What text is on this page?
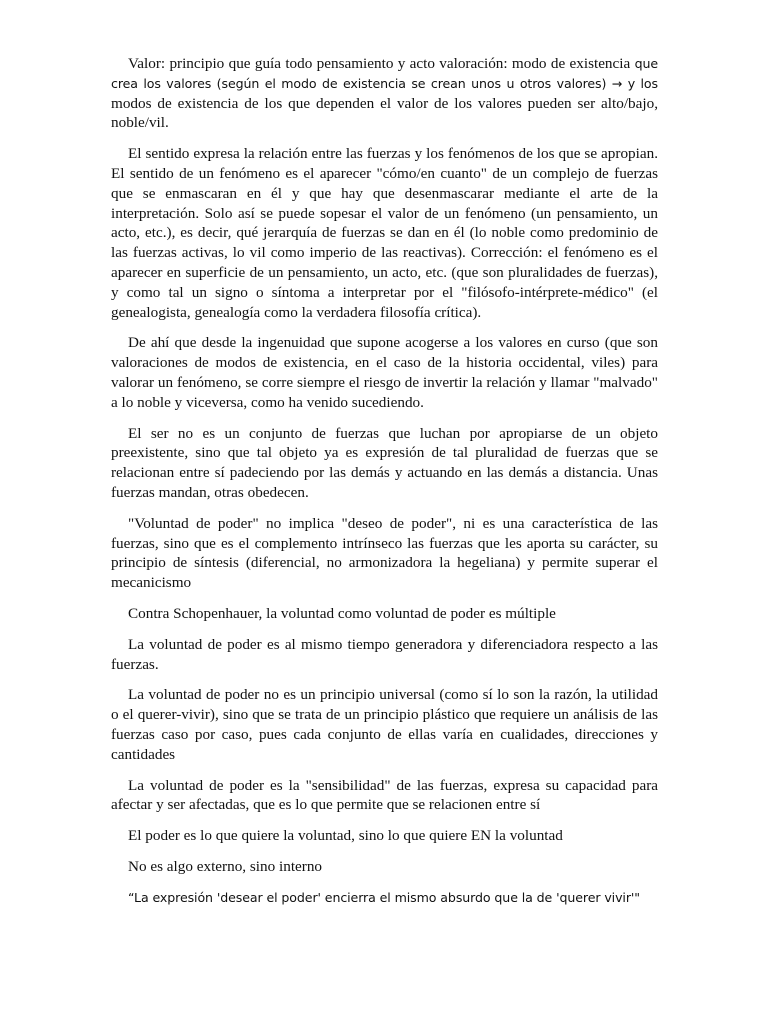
Valor: principio que guía todo pensamiento y acto valoración: modo de existencia que crea los valores (según el modo de existencia se crean unos u otros valores) → y los modos de existencia de los que dependen el valor de los valores pueden ser alto/bajo, noble/vil.

El sentido expresa la relación entre las fuerzas y los fenómenos de los que se apropian. El sentido de un fenómeno es el aparecer "cómo/en cuanto" de un complejo de fuerzas que se enmascaran en él y que hay que desenmascarar mediante el arte de la interpretación. Solo así se puede sopesar el valor de un fenómeno (un pensamiento, un acto, etc.), es decir, qué jerarquía de fuerzas se dan en él (lo noble como predominio de las fuerzas activas, lo vil como imperio de las reactivas). Corrección: el fenómeno es el aparecer en superficie de un pensamiento, un acto, etc. (que son pluralidades de fuerzas), y como tal un signo o síntoma a interpretar por el "filósofo-intérprete-médico" (el genealogista, genealogía como la verdadera filosofía crítica).

De ahí que desde la ingenuidad que supone acogerse a los valores en curso (que son valoraciones de modos de existencia, en el caso de la historia occidental, viles) para valorar un fenómeno, se corre siempre el riesgo de invertir la relación y llamar "malvado" a lo noble y viceversa, como ha venido sucediendo.

El ser no es un conjunto de fuerzas que luchan por apropiarse de un objeto preexistente, sino que tal objeto ya es expresión de tal pluralidad de fuerzas que se relacionan entre sí padeciendo por las demás y actuando en las demás a distancia. Unas fuerzas mandan, otras obedecen.

"Voluntad de poder" no implica "deseo de poder", ni es una característica de las fuerzas, sino que es el complemento intrínseco las fuerzas que les aporta su carácter, su principio de síntesis (diferencial, no armonizadora la hegeliana) y permite superar el mecanicismo

Contra Schopenhauer, la voluntad como voluntad de poder es múltiple

La voluntad de poder es al mismo tiempo generadora y diferenciadora respecto a las fuerzas.

La voluntad de poder no es un principio universal (como sí lo son la razón, la utilidad o el querer-vivir), sino que se trata de un principio plástico que requiere un análisis de las fuerzas caso por caso, pues cada conjunto de ellas varía en cualidades, direcciones y cantidades

La voluntad de poder es la "sensibilidad" de las fuerzas, expresa su capacidad para afectar y ser afectadas, que es lo que permite que se relacionen entre sí

El poder es lo que quiere la voluntad, sino lo que quiere EN la voluntad

No es algo externo, sino interno

“La expresión 'desear el poder' encierra el mismo absurdo que la de 'querer vivir'"
